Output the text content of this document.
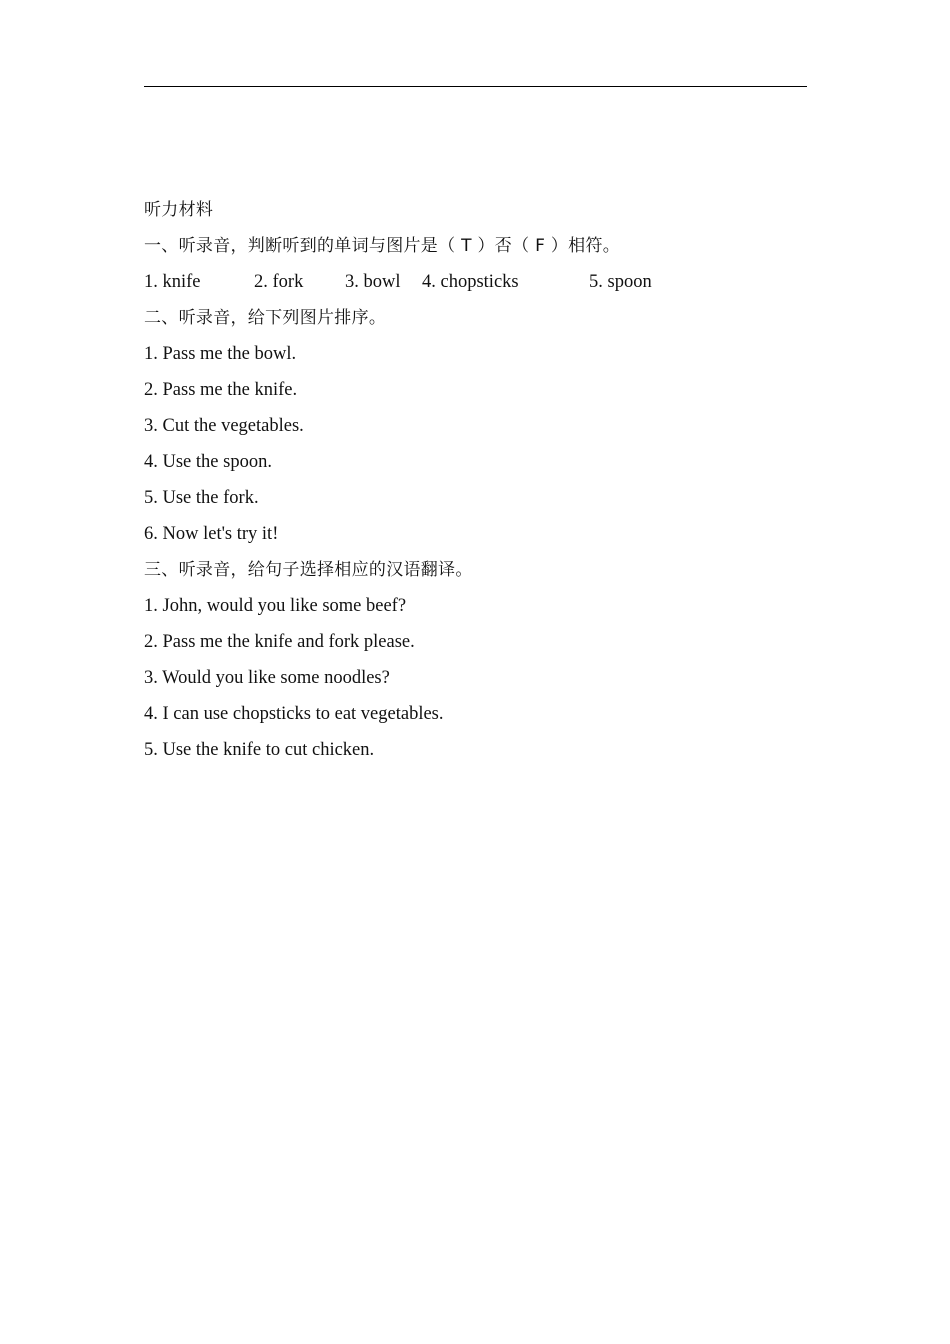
听力材料
一、听录音，判断听到的单词与图片是（ T ）否（ F ）相符。
1. knife	2. fork 3. bowl 4. chopsticks	5. spoon
二、听录音，给下列图片排序。
1. Pass me the bowl.
2. Pass me the knife.
3. Cut the vegetables.
4. Use the spoon.
5. Use the fork.
6. Now let's try it!
三、听录音，给句子选择相应的汉语翻译。
1. John, would you like some beef?
2. Pass me the knife and fork please.
3. Would you like some noodles?
4. I can use chopsticks to eat vegetables.
5. Use the knife to cut chicken.
